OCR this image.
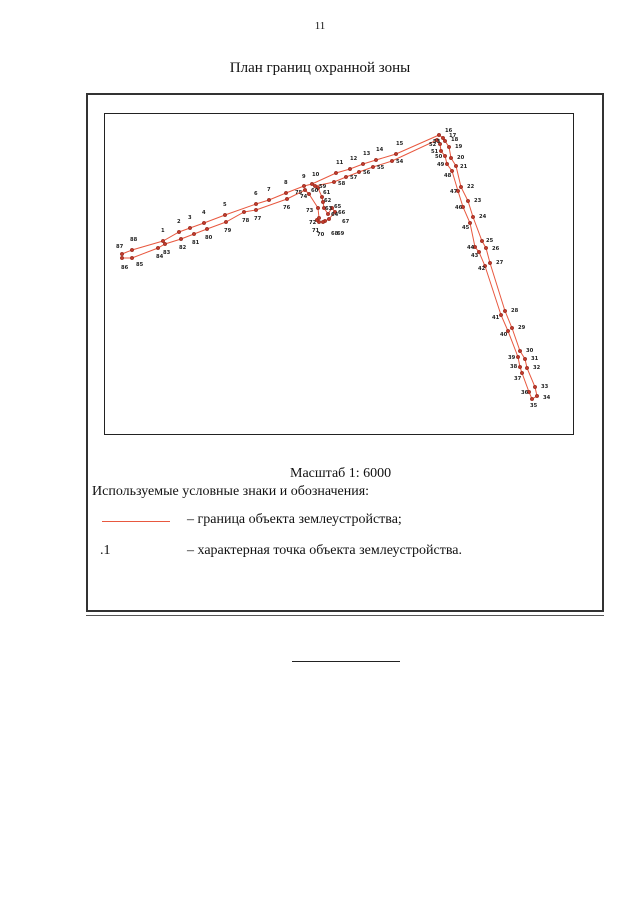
11
План границ охранной зоны
1
2
3
4
5
6
7
8
9 10
11
12
13
14
15
16
17
18
19
20
21
22
23
24
25
26
27
28
29
30
31
32
33
34
35
36
37
38
39
40
41
42
43
44
45
46
47
48
49
50
51
52
53
54
55
56
57
58
59
60 61
62
63
64
65
66
67
68
69
70
71
72
73
74
75
76
77
78
79
80
81
82
83
84
85
86
87
88
Масштаб 1: 6000
Используемые условные знаки и обозначения:
– граница объекта землеустройства;
.1	– характерная точка объекта землеустройства.
